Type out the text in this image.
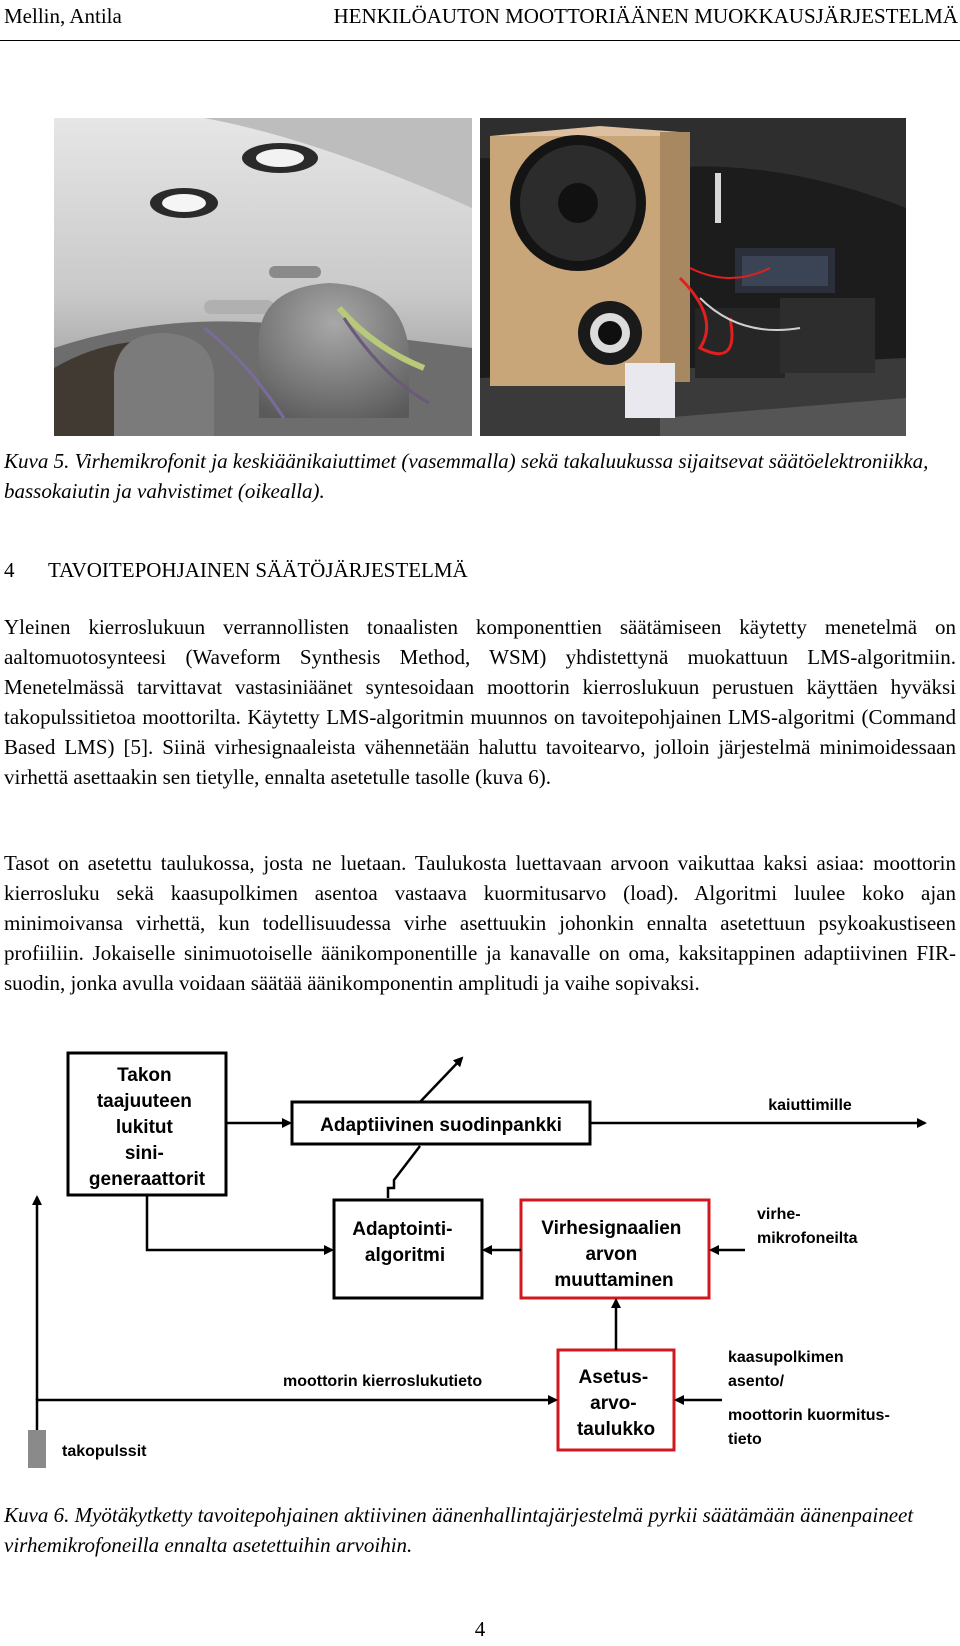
Mellin, Antila	HENKILÖAUTON MOOTTORIÄÄNEN MUOKKAUSJÄRJESTELMÄ
Kuva 5. Virhemikrofonit ja keskiäänikaiuttimet (vasemmalla) sekä takaluukussa sijaitsevat säätöelektroniikka, bassokaiutin ja vahvistimet (oikealla).
4 TAVOITEPOHJAINEN SÄÄTÖJÄRJESTELMÄ
Yleinen kierroslukuun verrannollisten tonaalisten komponenttien säätämiseen käytetty menetelmä on aaltomuotosynteesi (Waveform Synthesis Method, WSM) yhdistettynä muokattuun LMS-algoritmiin. Menetelmässä tarvittavat vastasiniäänet syntesoidaan moottorin kierroslukuun perustuen käyttäen hyväksi takopulssitietoa moottorilta. Käytetty LMS-algoritmin muunnos on tavoitepohjainen LMS-algoritmi (Command Based LMS) [5]. Siinä virhesignaaleista vähennetään haluttu tavoitearvo, jolloin järjestelmä minimoidessaan virhettä asettaakin sen tietylle, ennalta asetetulle tasolle (kuva 6).
Tasot on asetettu taulukossa, josta ne luetaan. Taulukosta luettavaan arvoon vaikuttaa kaksi asiaa: moottorin kierrosluku sekä kaasupolkimen asentoa vastaava kuormitusarvo (load). Algoritmi luulee koko ajan minimoivansa virhettä, kun todellisuudessa virhe asettuukin johonkin ennalta asetettuun psykoakustiseen profiiliin. Jokaiselle sinimuotoiselle äänikomponentille ja kanavalle on oma, kaksitappinen adaptiivinen FIR-suodin, jonka avulla voidaan säätää äänikomponentin amplitudi ja vaihe sopivaksi.
Takon taajuuteen lukitut sini- generaattorit
Adaptiivinen suodinpankki
kaiuttimille
Adaptointi- algoritmi
Virhesignaalien arvon muuttaminen
virhe- mikrofoneilta
moottorin kierroslukutieto	Asetus- arvo- taulukko
kaasupolkimen asento/
moottorin kuormitus- tieto
takopulssit
Kuva 6. Myötäkytketty tavoitepohjainen aktiivinen äänenhallintajärjestelmä pyrkii säätämään äänenpaineet virhemikrofoneilla ennalta asetettuihin arvoihin.
4
